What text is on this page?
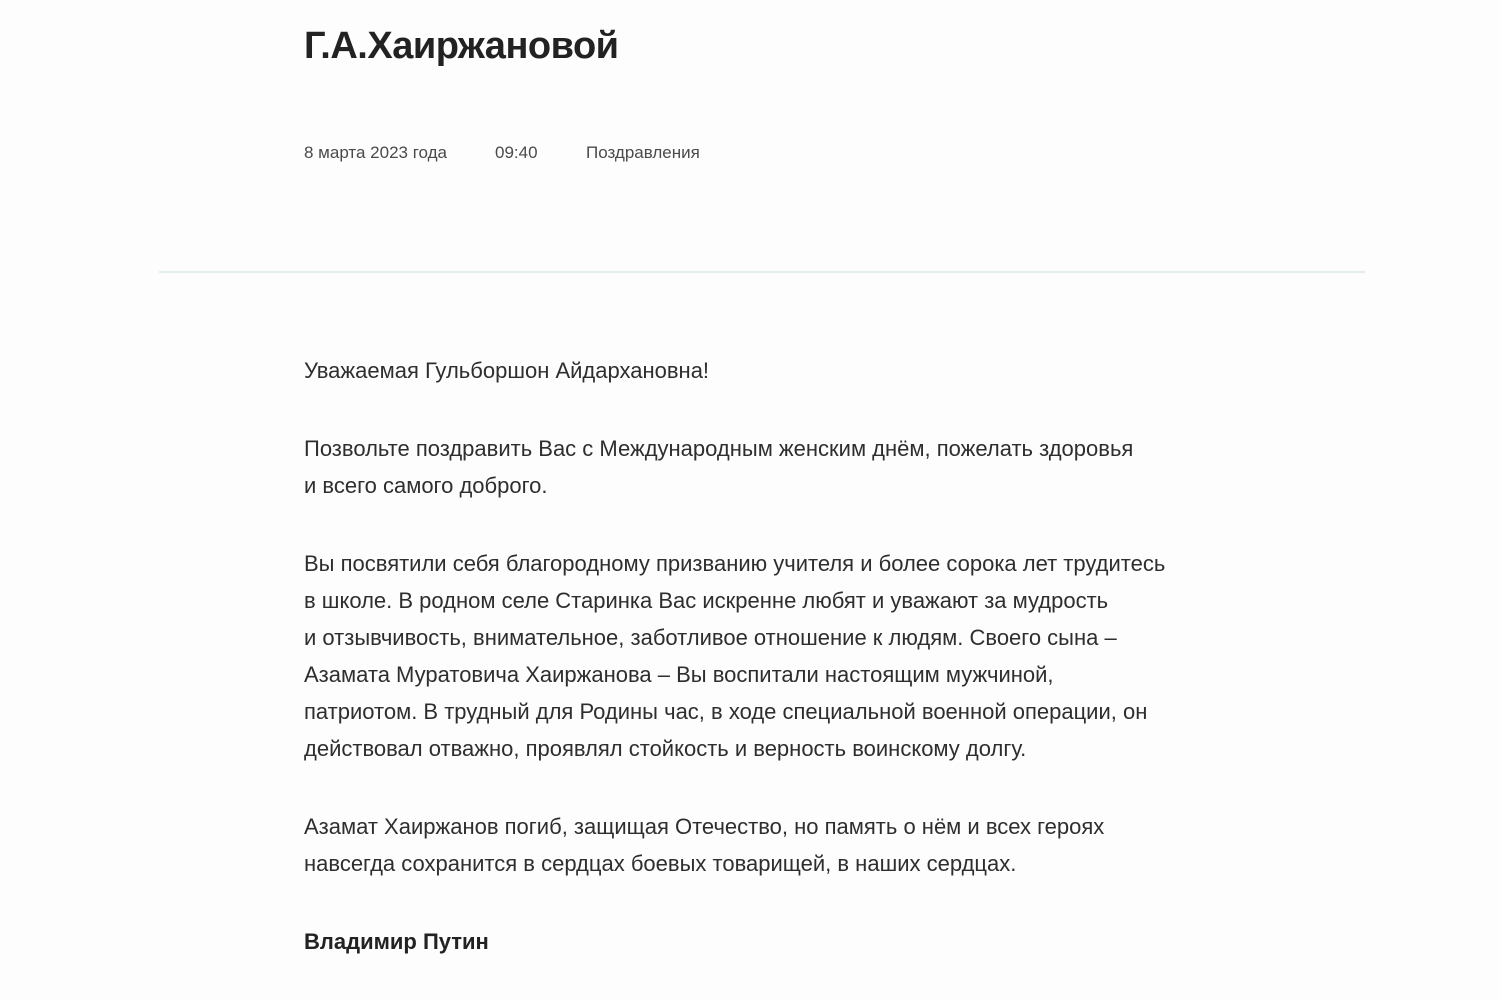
Г.А.Хаиржановой
8 марта 2023 года	09:40	Поздравления

Уважаемая Гульборшон Айдархановна!

Позвольте поздравить Вас с Международным женским днём, пожелать здоровья
и всего самого доброго.

Вы посвятили себя благородному призванию учителя и более сорока лет трудитесь
в школе. В родном селе Старинка Вас искренне любят и уважают за мудрость
и отзывчивость, внимательное, заботливое отношение к людям. Своего сына –
Азамата Муратовича Хаиржанова – Вы воспитали настоящим мужчиной,
патриотом. В трудный для Родины час, в ходе специальной военной операции, он
действовал отважно, проявлял стойкость и верность воинскому долгу.

Азамат Хаиржанов погиб, защищая Отечество, но память о нём и всех героях
навсегда сохранится в сердцах боевых товарищей, в наших сердцах.

Владимир Путин
